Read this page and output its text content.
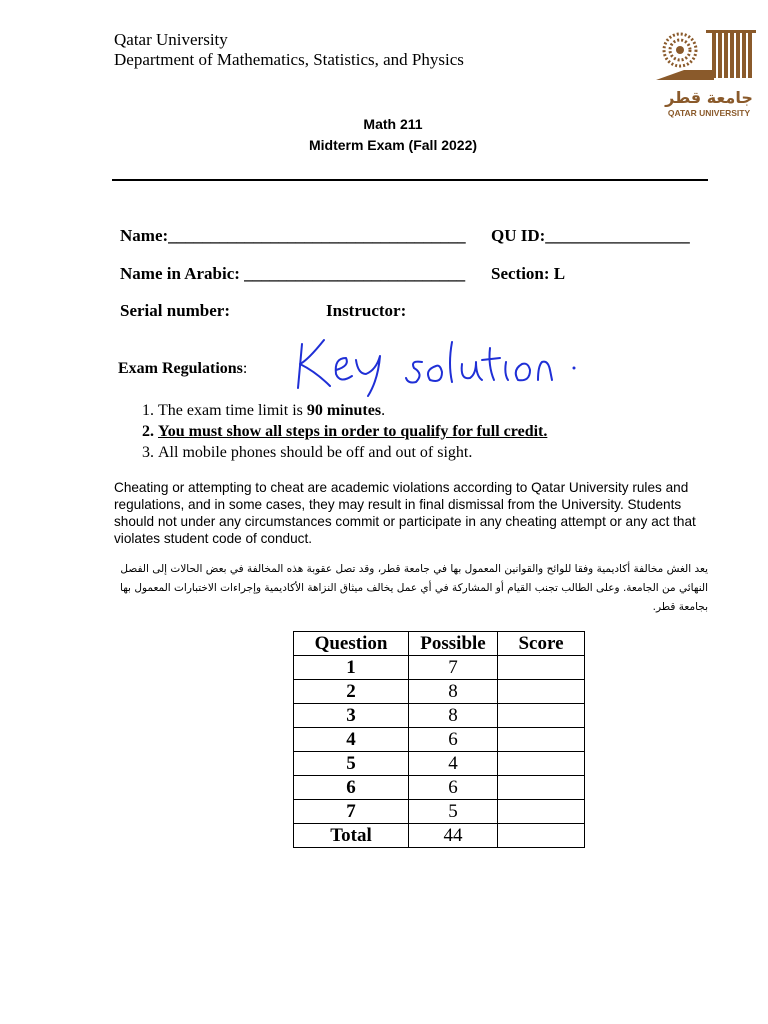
Qatar University
Department of Mathematics, Statistics, and Physics
جامعة قطر
QATAR UNIVERSITY
Math 211
Midterm Exam (Fall 2022)
Name:___________________________________ QU ID:_________________
Name in Arabic: __________________________ Section: L
Serial number:	Instructor:
Key solution.
Exam Regulations:
1. The exam time limit is 90 minutes.
2. You must show all steps in order to qualify for full credit.
3. All mobile phones should be off and out of sight.
Cheating or attempting to cheat are academic violations according to Qatar University rules and regulations, and in some cases, they may result in final dismissal from the University. Students should not under any circumstances commit or participate in any cheating attempt or any act that violates student code of conduct.
يعد الغش مخالفة أكاديمية وفقا للوائح والقوانين المعمول بها في جامعة قطر، وقد تصل عقوبة هذه المخالفة في بعض الحالات إلى الفصل النهائي من الجامعة. وعلى الطالب تجنب القيام أو المشاركة في أي عمل يخالف ميثاق النزاهة الأكاديمية وإجراءات الاختبارات المعمول بها بجامعة قطر.
Question	Possible	Score
1	7	
2	8	
3	8	
4	6	
5	4	
6	6	
7	5	
Total	44	
